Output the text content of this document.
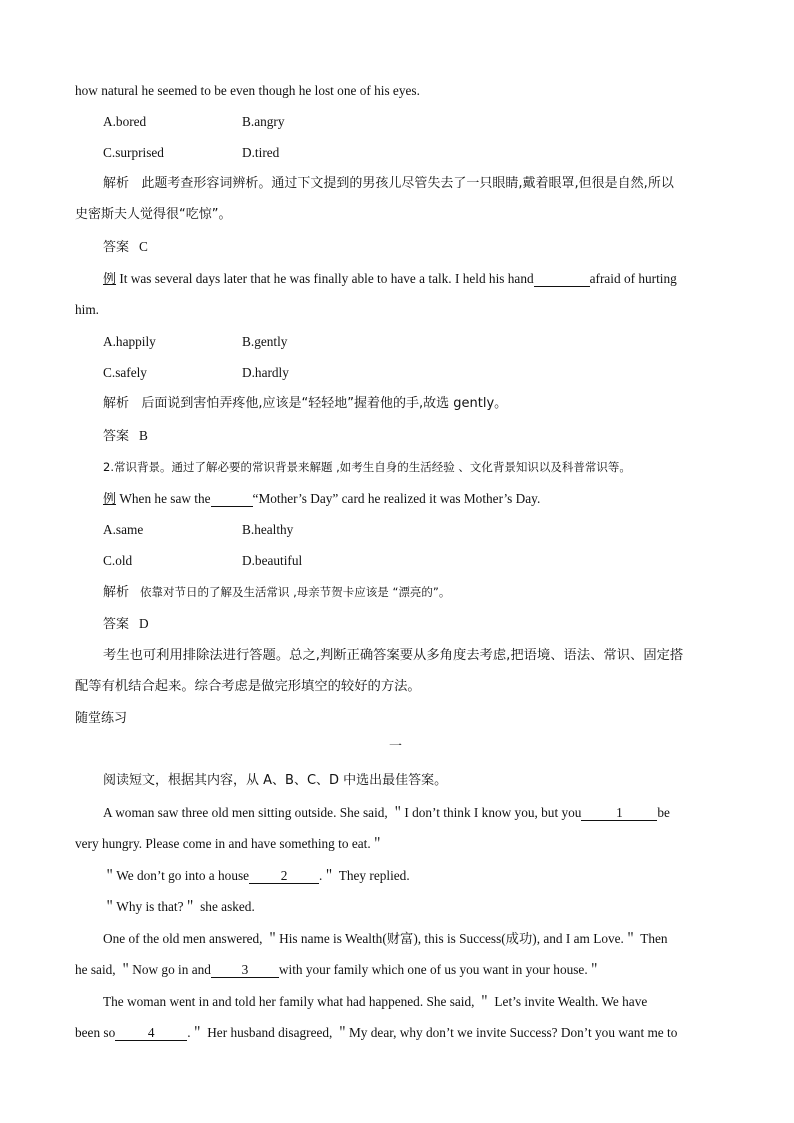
how natural he seemed to be even though he lost one of his eyes.
A.bored	B.angry
C.surprised	D.tired
解析 此题考查形容词辨析。通过下文提到的男孩儿尽管失去了一只眼睛,戴着眼罩,但很是自然,所以
史密斯夫人觉得很“吃惊”。
答案 C
例 It was several days later that he was finally able to have a talk. I held his hand	afraid of hurting
him.
A.happily	B.gently
C.safely	D.hardly
解析 后面说到害怕弄疼他,应该是“轻轻地”握着他的手,故选 gently。
答案 B
2.常识背景。通过了解必要的常识背景来解题 ,如考生自身的生活经验 、文化背景知识以及科普常识等。
例 When he saw the	“Mother’s Day” card he realized it was Mother’s Day.
A.same	B.healthy
C.old	D.beautiful
解析 依靠对节日的了解及生活常识 ,母亲节贺卡应该是 “漂亮的”。
答案 D
考生也可利用排除法进行答题。总之,判断正确答案要从多角度去考虑,把语境、语法、常识、固定搭
配等有机结合起来。综合考虑是做完形填空的较好的方法。
随堂练习
一
阅读短文，根据其内容，从 A、B、C、D 中选出最佳答案。
A woman saw three old men sitting outside. She said, ＂I don’t think I know you, but you	1	be
very hungry. Please come in and have something to eat.＂
＂We don’t go into a house 2 .＂ They replied.
＂Why is that?＂ she asked.
One of the old men answered, ＂His name is Wealth(财富), this is Success(成功), and I am Love.＂ Then
he said, ＂Now go in and 3 with your family which one of us you want in your house.＂
The woman went in and told her family what had happened. She said, ＂ Let’s invite Wealth. We have
been so 4 .＂ Her husband disagreed, ＂My dear, why don’t we invite Success? Don’t you want me to
